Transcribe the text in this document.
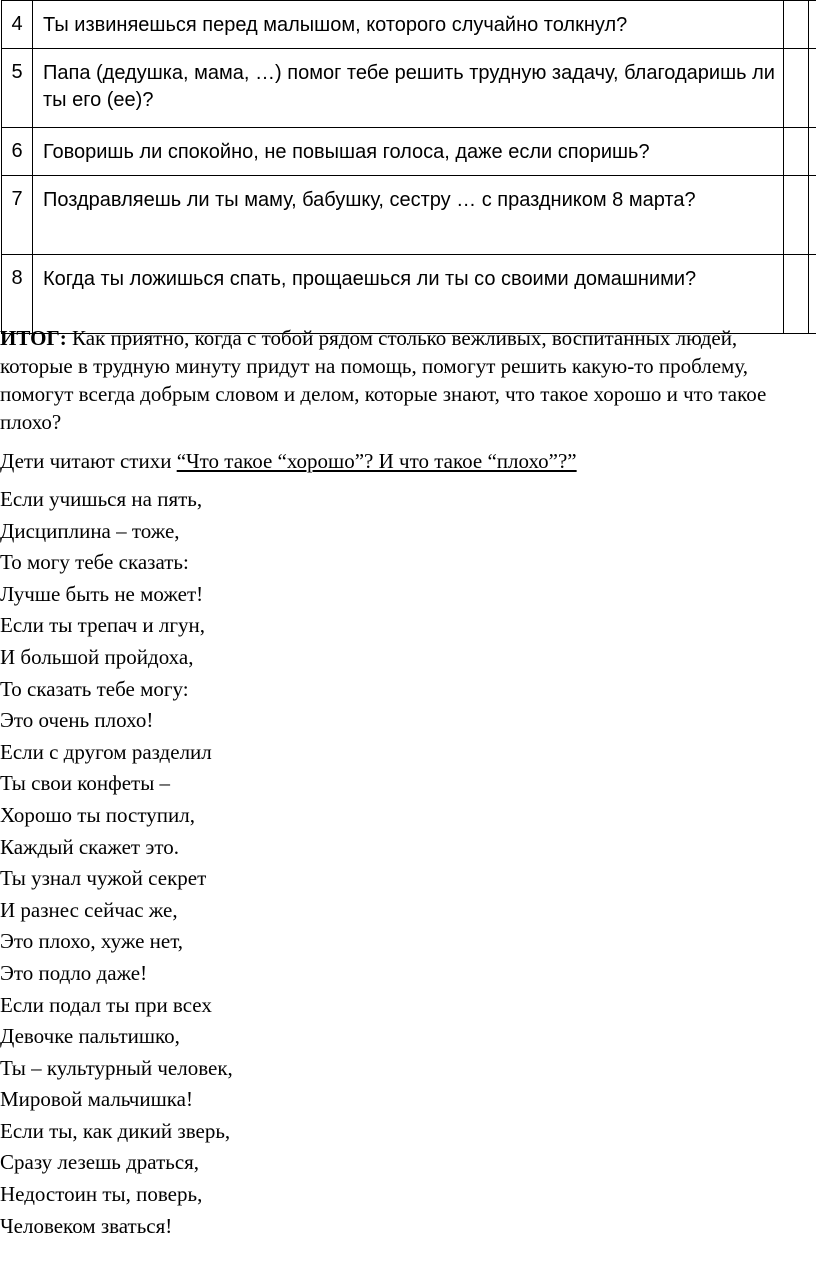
4	Ты извиняешься перед малышом, которого случайно толкнул?		
5	Папа (дедушка, мама, …) помог тебе решить трудную задачу, благодаришь ли ты его (ее)?		
6	Говоришь ли спокойно, не повышая голоса, даже если споришь?		
7	Поздравляешь ли ты маму, бабушку, сестру … с праздником 8 марта?		
8	Когда ты ложишься спать, прощаешься ли ты со своими домашними?		

ИТОГ: Как приятно, когда с тобой рядом столько вежливых, воспитанных людей, которые в трудную минуту придут на помощь, помогут решить какую-то проблему, помогут всегда добрым словом и делом, которые знают, что такое хорошо и что такое плохо?

Дети читают стихи “Что такое “хорошо”? И что такое “плохо”?”

Если учишься на пять,
Дисциплина – тоже,
То могу тебе сказать:
Лучше быть не может!
Если ты трепач и лгун,
И большой пройдоха,
То сказать тебе могу:
Это очень плохо!
Если с другом разделил
Ты свои конфеты –
Хорошо ты поступил,
Каждый скажет это.
Ты узнал чужой секрет
И разнес сейчас же,
Это плохо, хуже нет,
Это подло даже!
Если подал ты при всех
Девочке пальтишко,
Ты – культурный человек,
Мировой мальчишка!
Если ты, как дикий зверь,
Сразу лезешь драться,
Недостоин ты, поверь,
Человеком зваться!
